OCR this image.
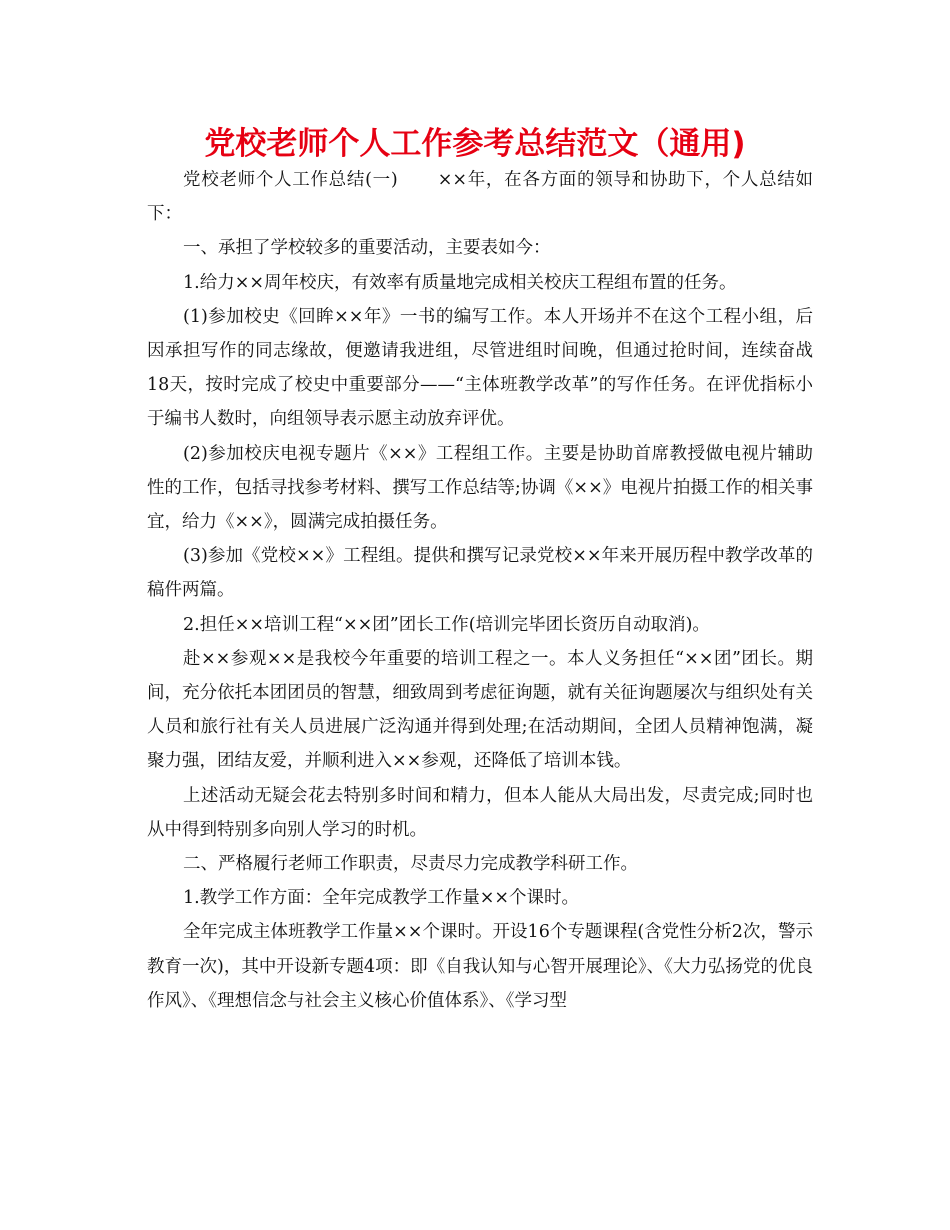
党校老师个人工作参考总结范文（通用)

党校老师个人工作总结(一) ××年，在各方面的领导和协助下，个人总结如下：

一、承担了学校较多的重要活动，主要表如今：

1.给力××周年校庆，有效率有质量地完成相关校庆工程组布置的任务。

(1)参加校史《回眸××年》一书的编写工作。本人开场并不在这个工程小组，后因承担写作的同志缘故，便邀请我进组，尽管进组时间晚，但通过抢时间，连续奋战18天，按时完成了校史中重要部分——“主体班教学改革”的写作任务。在评优指标小于编书人数时，向组领导表示愿主动放弃评优。

(2)参加校庆电视专题片《××》工程组工作。主要是协助首席教授做电视片辅助性的工作，包括寻找参考材料、撰写工作总结等;协调《××》电视片拍摄工作的相关事宜，给力《××》，圆满完成拍摄任务。

(3)参加《党校××》工程组。提供和撰写记录党校××年来开展历程中教学改革的稿件两篇。

2.担任××培训工程“××团”团长工作(培训完毕团长资历自动取消)。

赴××参观××是我校今年重要的培训工程之一。本人义务担任“××团”团长。期间，充分依托本团团员的智慧，细致周到考虑征询题，就有关征询题屡次与组织处有关人员和旅行社有关人员进展广泛沟通并得到处理;在活动期间，全团人员精神饱满，凝聚力强，团结友爱，并顺利进入××参观，还降低了培训本钱。

上述活动无疑会花去特别多时间和精力，但本人能从大局出发，尽责完成;同时也从中得到特别多向别人学习的时机。

二、严格履行老师工作职责，尽责尽力完成教学科研工作。

1.教学工作方面：全年完成教学工作量××个课时。

全年完成主体班教学工作量××个课时。开设16个专题课程(含党性分析2次，警示教育一次)，其中开设新专题4项：即《自我认知与心智开展理论》、《大力弘扬党的优良作风》、《理想信念与社会主义核心价值体系》、《学习型
